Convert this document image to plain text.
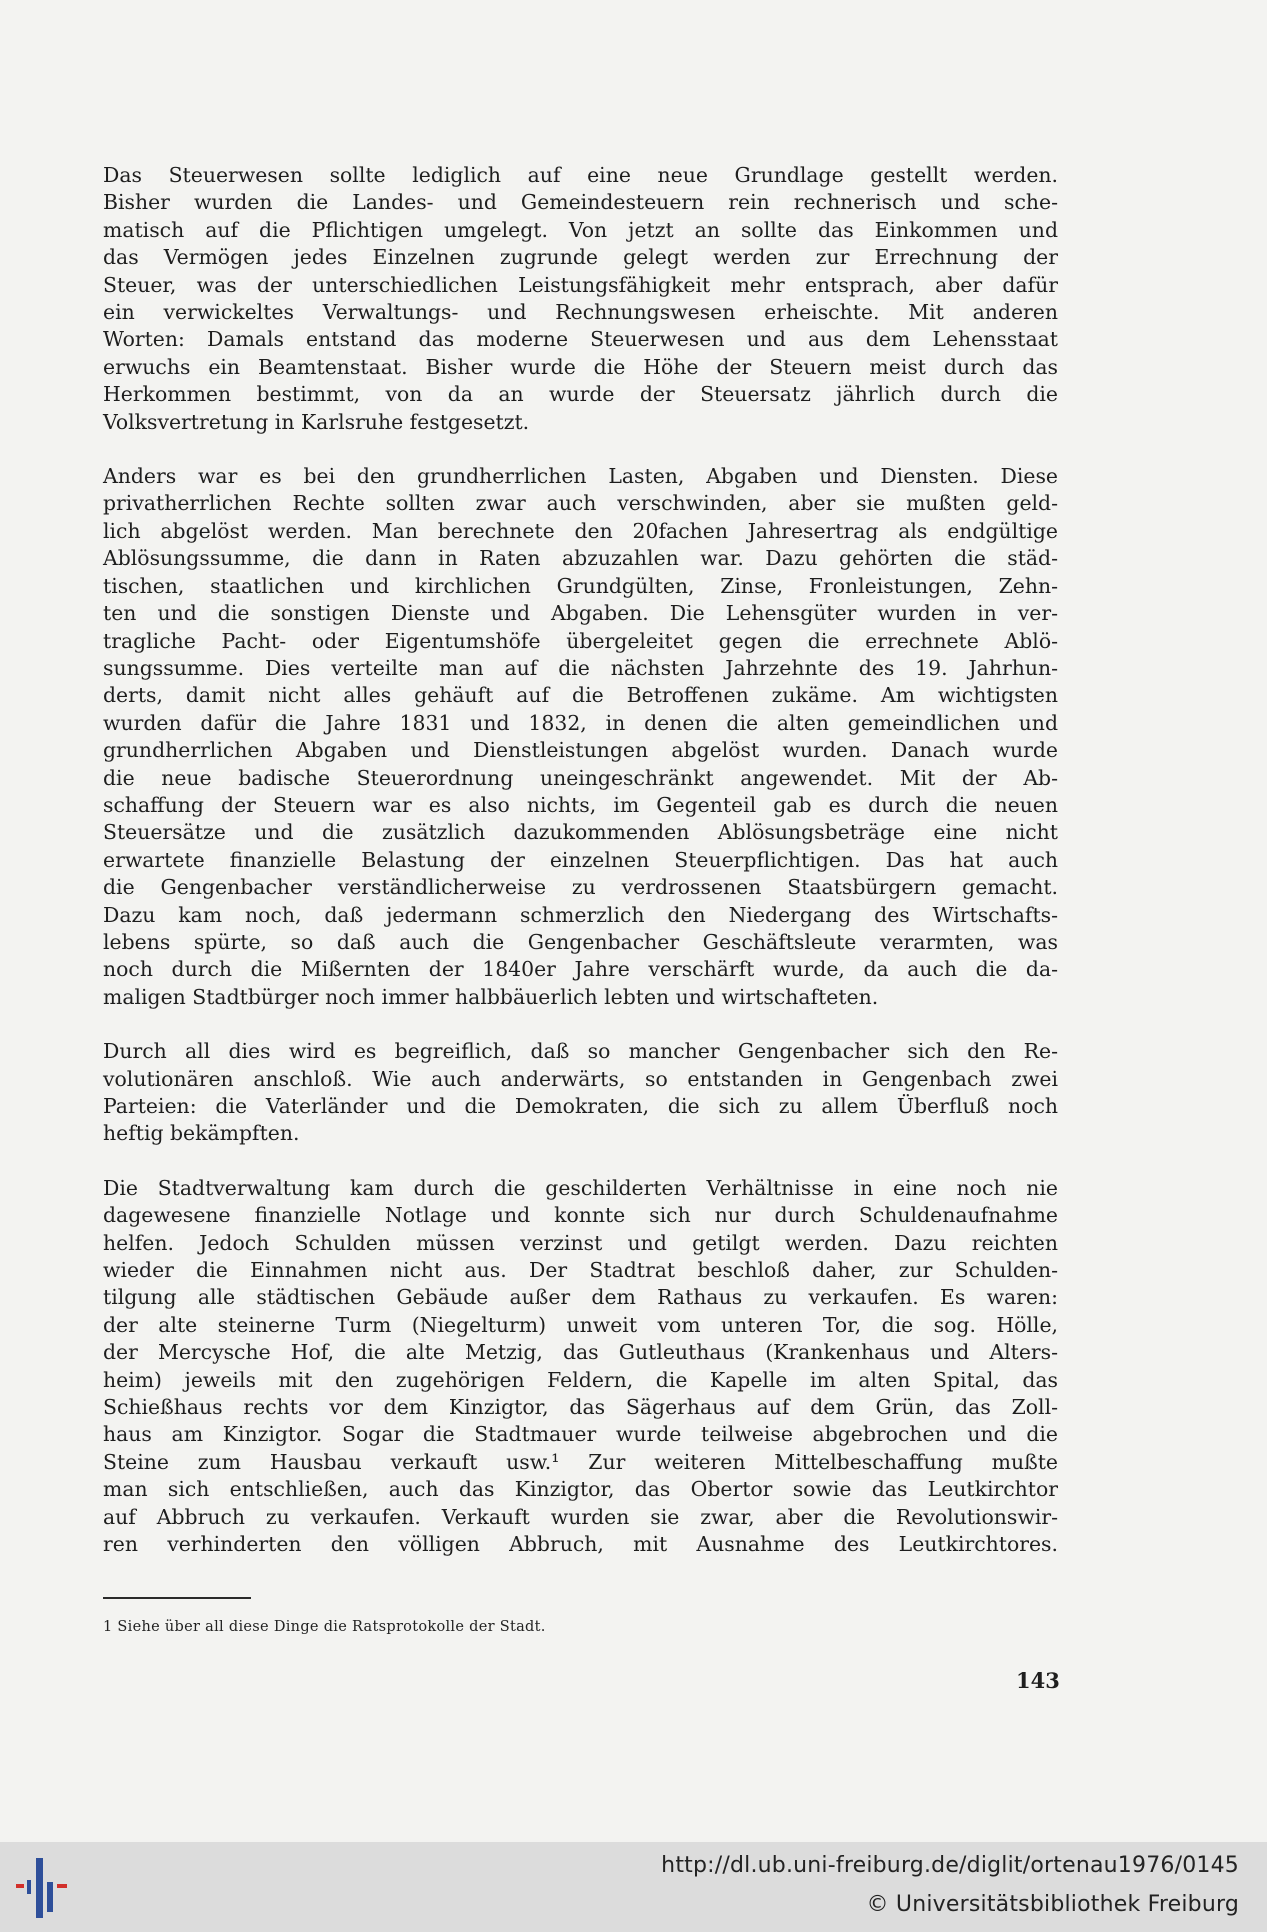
Das Steuerwesen sollte lediglich auf eine neue Grundlage gestellt werden.
Bisher wurden die Landes- und Gemeindesteuern rein rechnerisch und sche-
matisch auf die Pflichtigen umgelegt. Von jetzt an sollte das Einkommen und
das Vermögen jedes Einzelnen zugrunde gelegt werden zur Errechnung der
Steuer, was der unterschiedlichen Leistungsfähigkeit mehr entsprach, aber dafür
ein verwickeltes Verwaltungs- und Rechnungswesen erheischte. Mit anderen
Worten: Damals entstand das moderne Steuerwesen und aus dem Lehensstaat
erwuchs ein Beamtenstaat. Bisher wurde die Höhe der Steuern meist durch das
Herkommen bestimmt, von da an wurde der Steuersatz jährlich durch die
Volksvertretung in Karlsruhe festgesetzt.

Anders war es bei den grundherrlichen Lasten, Abgaben und Diensten. Diese
privatherrlichen Rechte sollten zwar auch verschwinden, aber sie mußten geld-
lich abgelöst werden. Man berechnete den 20fachen Jahresertrag als endgültige
Ablösungssumme, die dann in Raten abzuzahlen war. Dazu gehörten die städ-
tischen, staatlichen und kirchlichen Grundgülten, Zinse, Fronleistungen, Zehn-
ten und die sonstigen Dienste und Abgaben. Die Lehensgüter wurden in ver-
tragliche Pacht- oder Eigentumshöfe übergeleitet gegen die errechnete Ablö-
sungssumme. Dies verteilte man auf die nächsten Jahrzehnte des 19. Jahrhun-
derts, damit nicht alles gehäuft auf die Betroffenen zukäme. Am wichtigsten
wurden dafür die Jahre 1831 und 1832, in denen die alten gemeindlichen und
grundherrlichen Abgaben und Dienstleistungen abgelöst wurden. Danach wurde
die neue badische Steuerordnung uneingeschränkt angewendet. Mit der Ab-
schaffung der Steuern war es also nichts, im Gegenteil gab es durch die neuen
Steuersätze und die zusätzlich dazukommenden Ablösungsbeträge eine nicht
erwartete finanzielle Belastung der einzelnen Steuerpflichtigen. Das hat auch
die Gengenbacher verständlicherweise zu verdrossenen Staatsbürgern gemacht.
Dazu kam noch, daß jedermann schmerzlich den Niedergang des Wirtschafts-
lebens spürte, so daß auch die Gengenbacher Geschäftsleute verarmten, was
noch durch die Mißernten der 1840er Jahre verschärft wurde, da auch die da-
maligen Stadtbürger noch immer halbbäuerlich lebten und wirtschafteten.

Durch all dies wird es begreiflich, daß so mancher Gengenbacher sich den Re-
volutionären anschloß. Wie auch anderwärts, so entstanden in Gengenbach zwei
Parteien: die Vaterländer und die Demokraten, die sich zu allem Überfluß noch
heftig bekämpften.

Die Stadtverwaltung kam durch die geschilderten Verhältnisse in eine noch nie
dagewesene finanzielle Notlage und konnte sich nur durch Schuldenaufnahme
helfen. Jedoch Schulden müssen verzinst und getilgt werden. Dazu reichten
wieder die Einnahmen nicht aus. Der Stadtrat beschloß daher, zur Schulden-
tilgung alle städtischen Gebäude außer dem Rathaus zu verkaufen. Es waren:
der alte steinerne Turm (Niegelturm) unweit vom unteren Tor, die sog. Hölle,
der Mercysche Hof, die alte Metzig, das Gutleuthaus (Krankenhaus und Alters-
heim) jeweils mit den zugehörigen Feldern, die Kapelle im alten Spital, das
Schießhaus rechts vor dem Kinzigtor, das Sägerhaus auf dem Grün, das Zoll-
haus am Kinzigtor. Sogar die Stadtmauer wurde teilweise abgebrochen und die
Steine zum Hausbau verkauft usw.¹ Zur weiteren Mittelbeschaffung mußte
man sich entschließen, auch das Kinzigtor, das Obertor sowie das Leutkirchtor
auf Abbruch zu verkaufen. Verkauft wurden sie zwar, aber die Revolutionswir-
ren verhinderten den völligen Abbruch, mit Ausnahme des Leutkirchtores.

1 Siehe über all diese Dinge die Ratsprotokolle der Stadt.
143
http://dl.ub.uni-freiburg.de/diglit/ortenau1976/0145
© Universitätsbibliothek Freiburg
